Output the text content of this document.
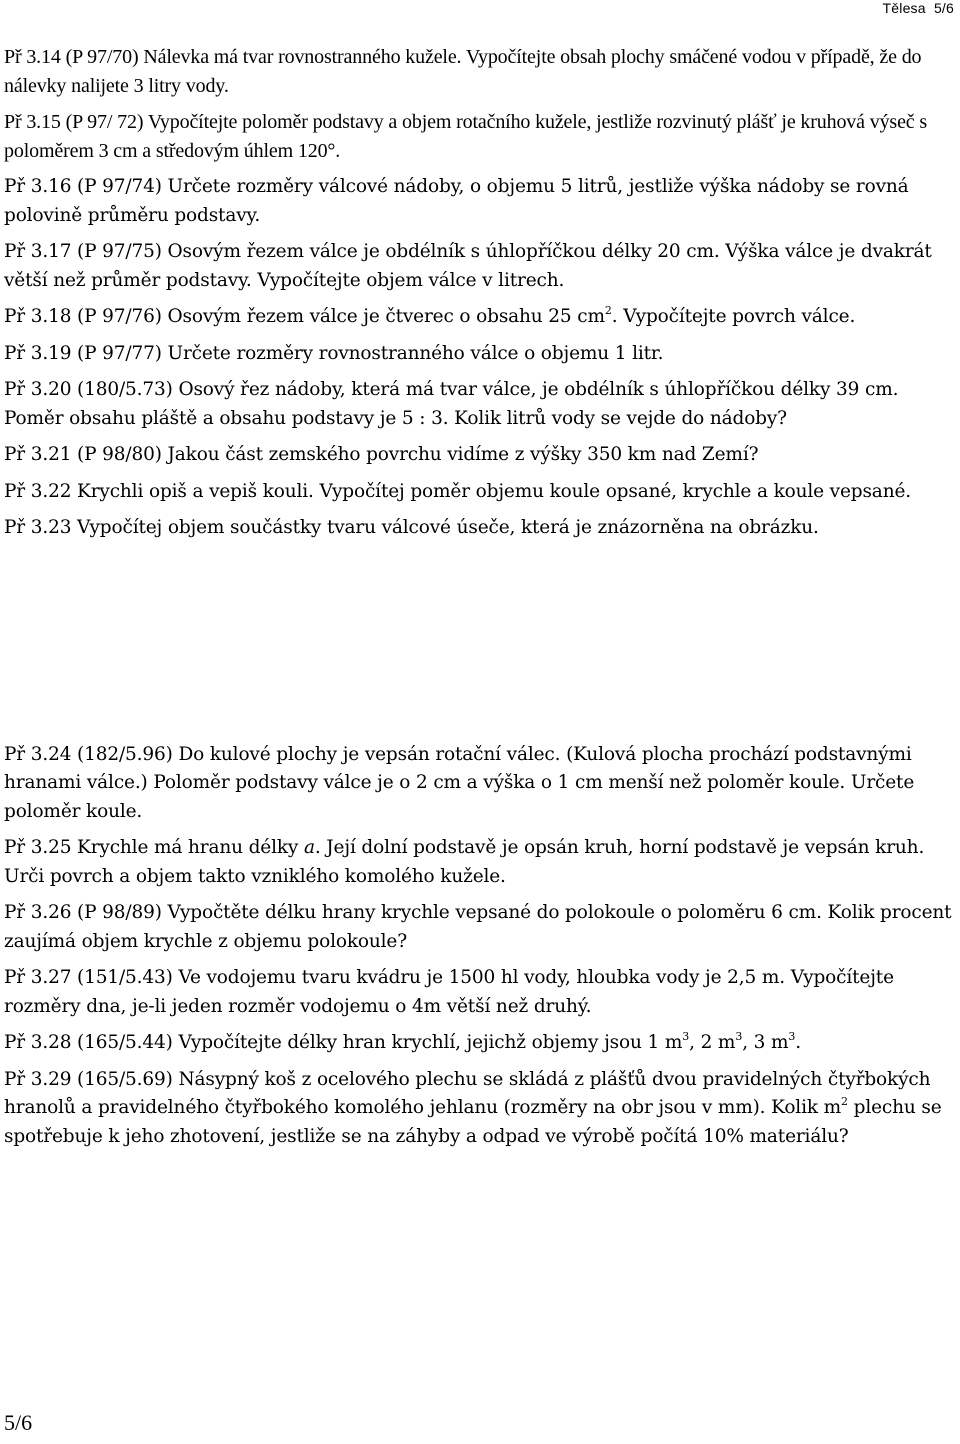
Tělesa 5/6

Př 3.14 (P 97/70) Nálevka má tvar rovnostranného kužele. Vypočítejte obsah plochy smáčené vodou v případě, že do nálevky nalijete 3 litry vody.

Př 3.15 (P 97/ 72) Vypočítejte poloměr podstavy a objem rotačního kužele, jestliže rozvinutý plášť je kruhová výseč s poloměrem 3 cm a středovým úhlem 120°.

Př 3.16 (P 97/74) Určete rozměry válcové nádoby, o objemu 5 litrů, jestliže výška nádoby se rovná polovině průměru podstavy.

Př 3.17 (P 97/75) Osovým řezem válce je obdélník s úhlopříčkou délky 20 cm. Výška válce je dvakrát větší než průměr podstavy. Vypočítejte objem válce v litrech.

Př 3.18 (P 97/76) Osovým řezem válce je čtverec o obsahu 25 $cm^2$. Vypočítejte povrch válce.

Př 3.19 (P 97/77) Určete rozměry rovnostranného válce o objemu 1 litr.

Př 3.20 (180/5.73) Osový řez nádoby, která má tvar válce, je obdélník s úhlopříčkou délky 39 cm. Poměr obsahu pláště a obsahu podstavy je 5 : 3. Kolik litrů vody se vejde do nádoby?

Př 3.21 (P 98/80) Jakou část zemského povrchu vidíme z výšky 350 km nad Zemí?

Př 3.22 Krychli opiš a vepiš kouli. Vypočítej poměr objemu koule opsané, krychle a koule vepsané.

Př 3.23 Vypočítej objem součástky tvaru válcové úseče, která je znázorněna na obrázku.

Př 3.24 (182/5.96) Do kulové plochy je vepsán rotační válec. (Kulová plocha prochází podstavnými hranami válce.) Poloměr podstavy válce je o 2 cm a výška o 1 cm menší než poloměr koule. Určete poloměr koule.

Př 3.25 Krychle má hranu délky a. Její dolní podstavě je opsán kruh, horní podstavě je vepsán kruh. Urči povrch a objem takto vzniklého komolého kužele.

Př 3.26 (P 98/89) Vypočtěte délku hrany krychle vepsané do polokoule o poloměru 6 cm. Kolik procent zaujímá objem krychle z objemu polokoule?

Př 3.27 (151/5.43) Ve vodojemu tvaru kvádru je 1500 hl vody, hloubka vody je 2,5 m. Vypočítejte rozměry dna, je-li jeden rozměr vodojemu o 4m větší než druhý.

Př 3.28 (165/5.44) Vypočítejte délky hran krychlí, jejichž objemy jsou 1 $m^3$, 2 $m^3$, 3 $m^3$.

Př 3.29 (165/5.69) Násypný koš z ocelového plechu se skládá z plášťů dvou pravidelných čtyřbokých hranolů a pravidelného čtyřbokého komolého jehlanu (rozměry na obr jsou v mm). Kolik $m^2$ plechu se spotřebuje k jeho zhotovení, jestliže se na záhyby a odpad ve výrobě počítá 10% materiálu?

5/6
